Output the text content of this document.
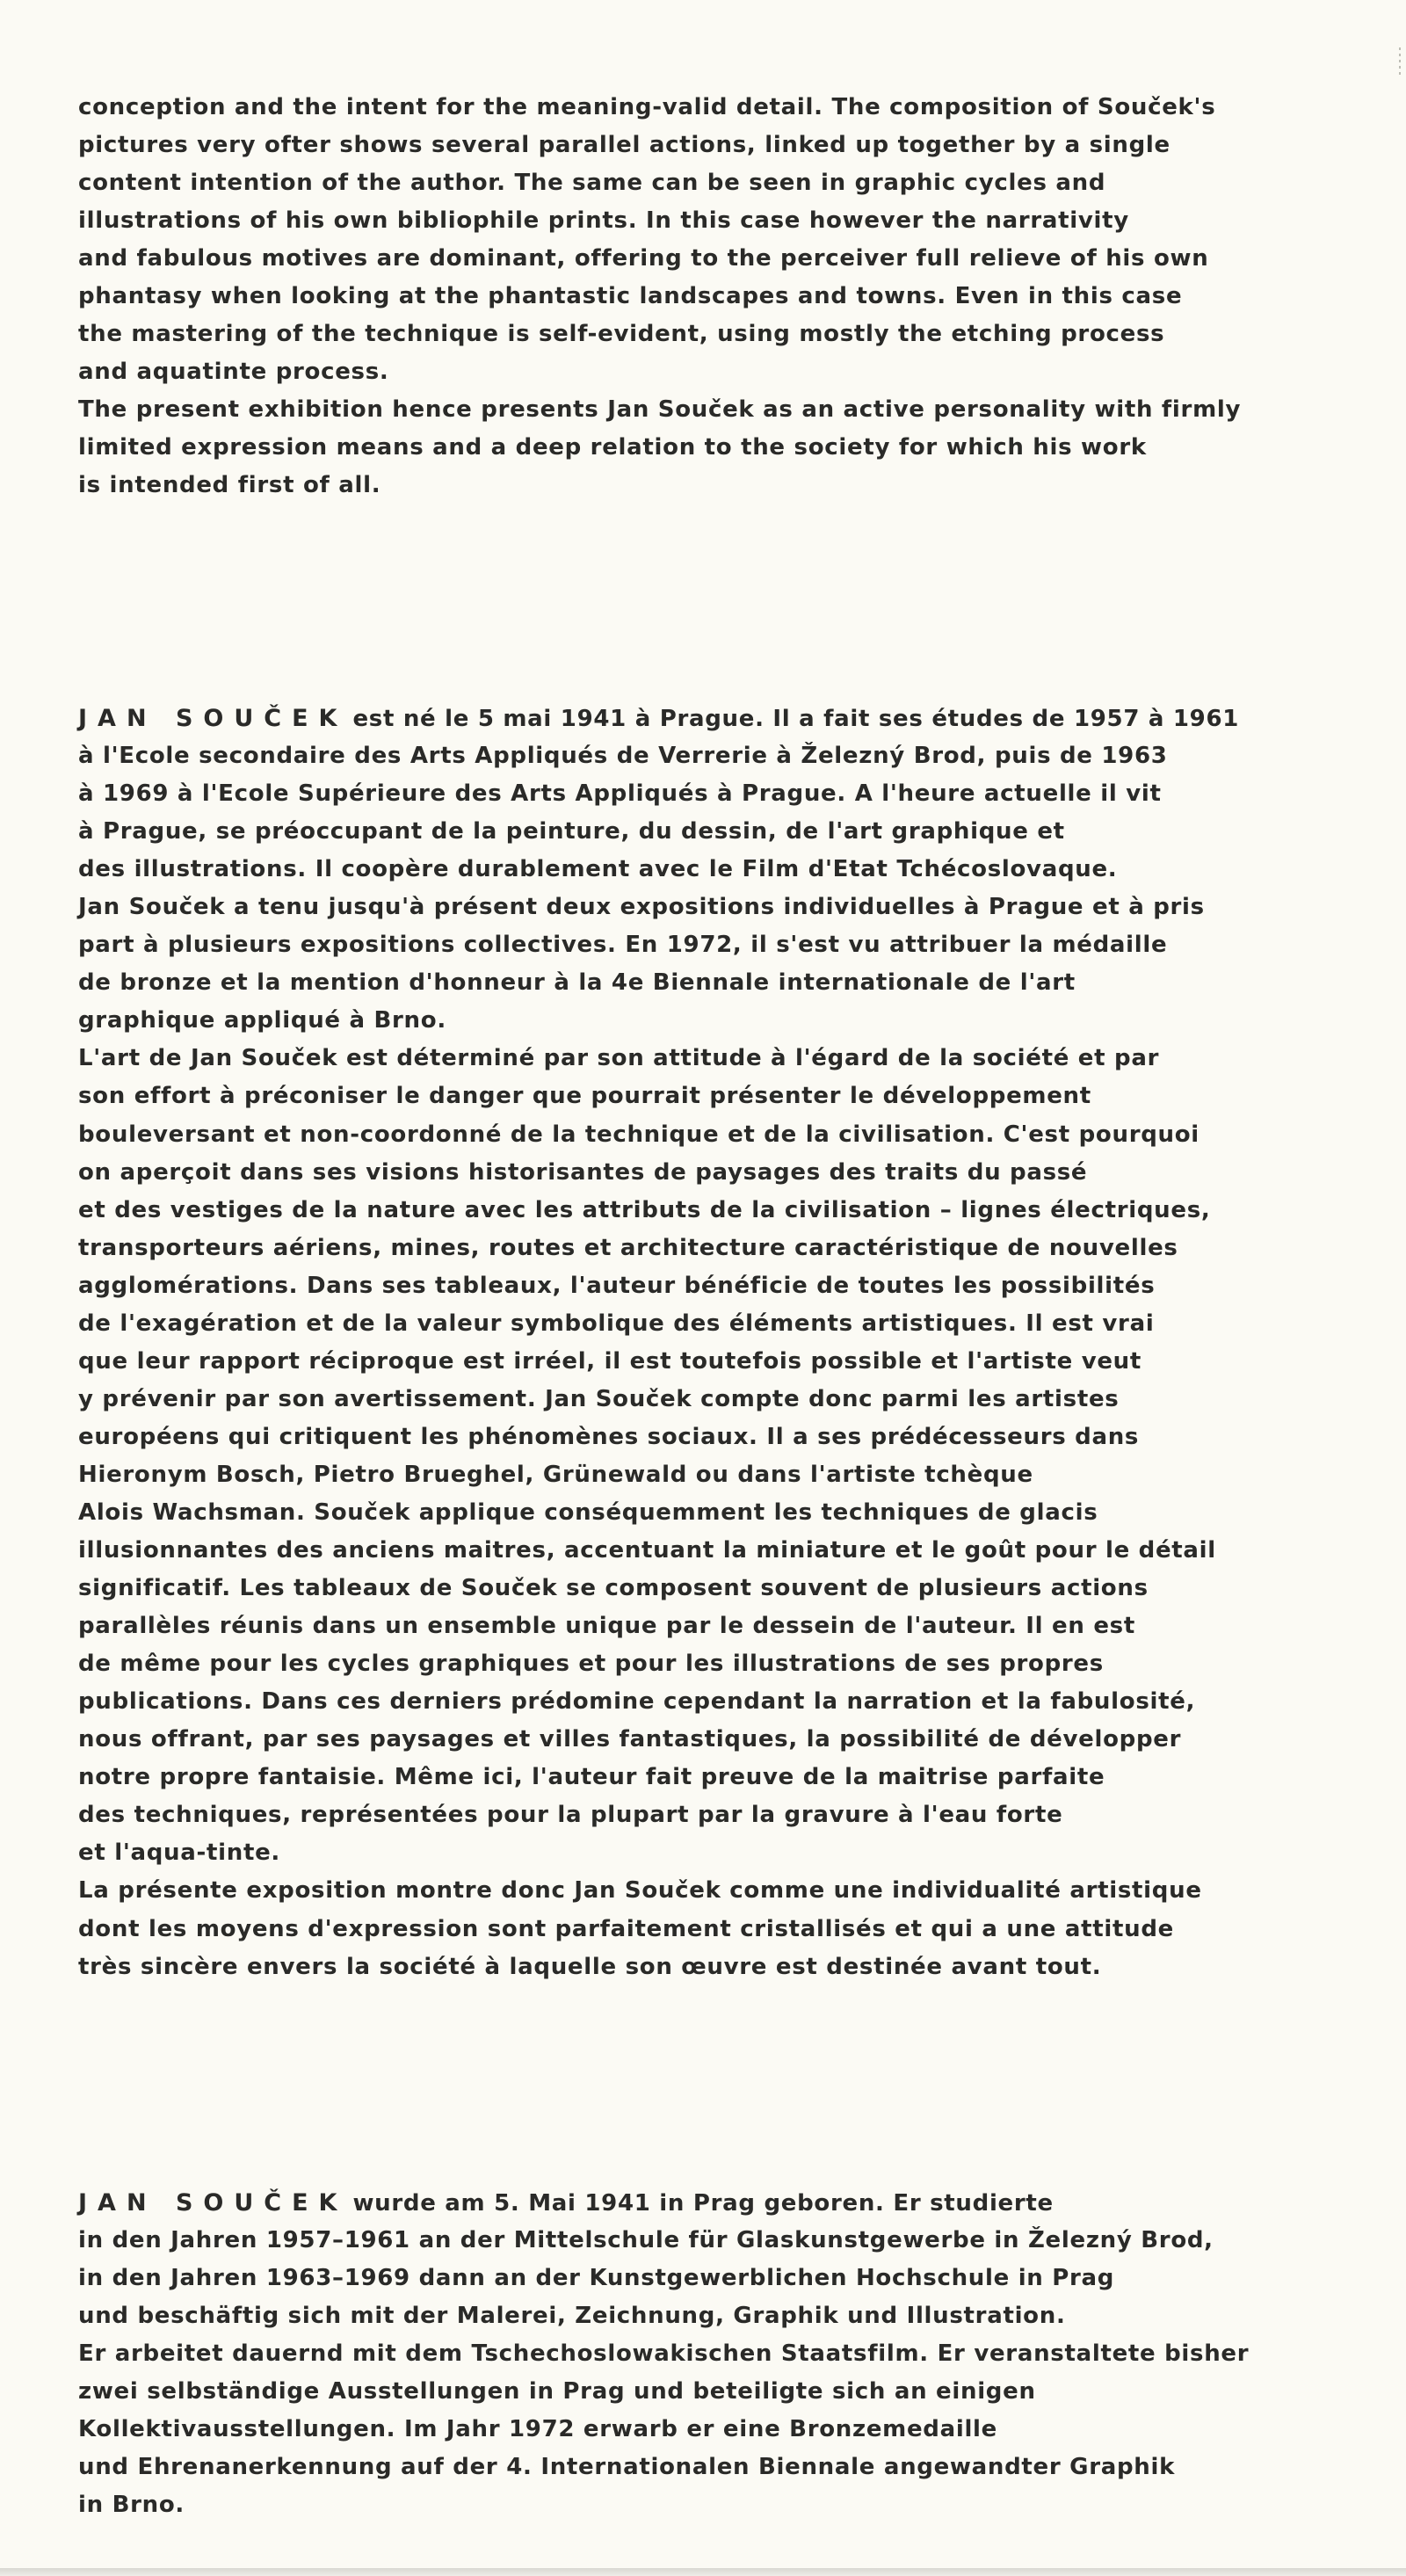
conception and the intent for the meaning-valid detail. The composition of Souček's
pictures very ofter shows several parallel actions, linked up together by a single
content intention of the author. The same can be seen in graphic cycles and
illustrations of his own bibliophile prints. In this case however the narrativity
and fabulous motives are dominant, offering to the perceiver full relieve of his own
phantasy when looking at the phantastic landscapes and towns. Even in this case
the mastering of the technique is self-evident, using mostly the etching process
and aquatinte process.
The present exhibition hence presents Jan Souček as an active personality with firmly
limited expression means and a deep relation to the society for which his work
is intended first of all.
JAN SOUČEK est né le 5 mai 1941 à Prague. Il a fait ses études de 1957 à 1961
à l'Ecole secondaire des Arts Appliqués de Verrerie à Železný Brod, puis de 1963
à 1969 à l'Ecole Supérieure des Arts Appliqués à Prague. A l'heure actuelle il vit
à Prague, se préoccupant de la peinture, du dessin, de l'art graphique et
des illustrations. Il coopère durablement avec le Film d'Etat Tchécoslovaque.
Jan Souček a tenu jusqu'à présent deux expositions individuelles à Prague et à pris
part à plusieurs expositions collectives. En 1972, il s'est vu attribuer la médaille
de bronze et la mention d'honneur à la 4e Biennale internationale de l'art
graphique appliqué à Brno.
L'art de Jan Souček est déterminé par son attitude à l'égard de la société et par
son effort à préconiser le danger que pourrait présenter le développement
bouleversant et non-coordonné de la technique et de la civilisation. C'est pourquoi
on aperçoit dans ses visions historisantes de paysages des traits du passé
et des vestiges de la nature avec les attributs de la civilisation – lignes électriques,
transporteurs aériens, mines, routes et architecture caractéristique de nouvelles
agglomérations. Dans ses tableaux, l'auteur bénéficie de toutes les possibilités
de l'exagération et de la valeur symbolique des éléments artistiques. Il est vrai
que leur rapport réciproque est irréel, il est toutefois possible et l'artiste veut
y prévenir par son avertissement. Jan Souček compte donc parmi les artistes
européens qui critiquent les phénomènes sociaux. Il a ses prédécesseurs dans
Hieronym Bosch, Pietro Brueghel, Grünewald ou dans l'artiste tchèque
Alois Wachsman. Souček applique conséquemment les techniques de glacis
illusionnantes des anciens maitres, accentuant la miniature et le goût pour le détail
significatif. Les tableaux de Souček se composent souvent de plusieurs actions
parallèles réunis dans un ensemble unique par le dessein de l'auteur. Il en est
de même pour les cycles graphiques et pour les illustrations de ses propres
publications. Dans ces derniers prédomine cependant la narration et la fabulosité,
nous offrant, par ses paysages et villes fantastiques, la possibilité de développer
notre propre fantaisie. Même ici, l'auteur fait preuve de la maitrise parfaite
des techniques, représentées pour la plupart par la gravure à l'eau forte
et l'aqua-tinte.
La présente exposition montre donc Jan Souček comme une individualité artistique
dont les moyens d'expression sont parfaitement cristallisés et qui a une attitude
très sincère envers la société à laquelle son œuvre est destinée avant tout.
JAN SOUČEK wurde am 5. Mai 1941 in Prag geboren. Er studierte
in den Jahren 1957–1961 an der Mittelschule für Glaskunstgewerbe in Železný Brod,
in den Jahren 1963–1969 dann an der Kunstgewerblichen Hochschule in Prag
und beschäftig sich mit der Malerei, Zeichnung, Graphik und Illustration.
Er arbeitet dauernd mit dem Tschechoslowakischen Staatsfilm. Er veranstaltete bisher
zwei selbständige Ausstellungen in Prag und beteiligte sich an einigen
Kollektivausstellungen. Im Jahr 1972 erwarb er eine Bronzemedaille
und Ehrenanerkennung auf der 4. Internationalen Biennale angewandter Graphik
in Brno.
